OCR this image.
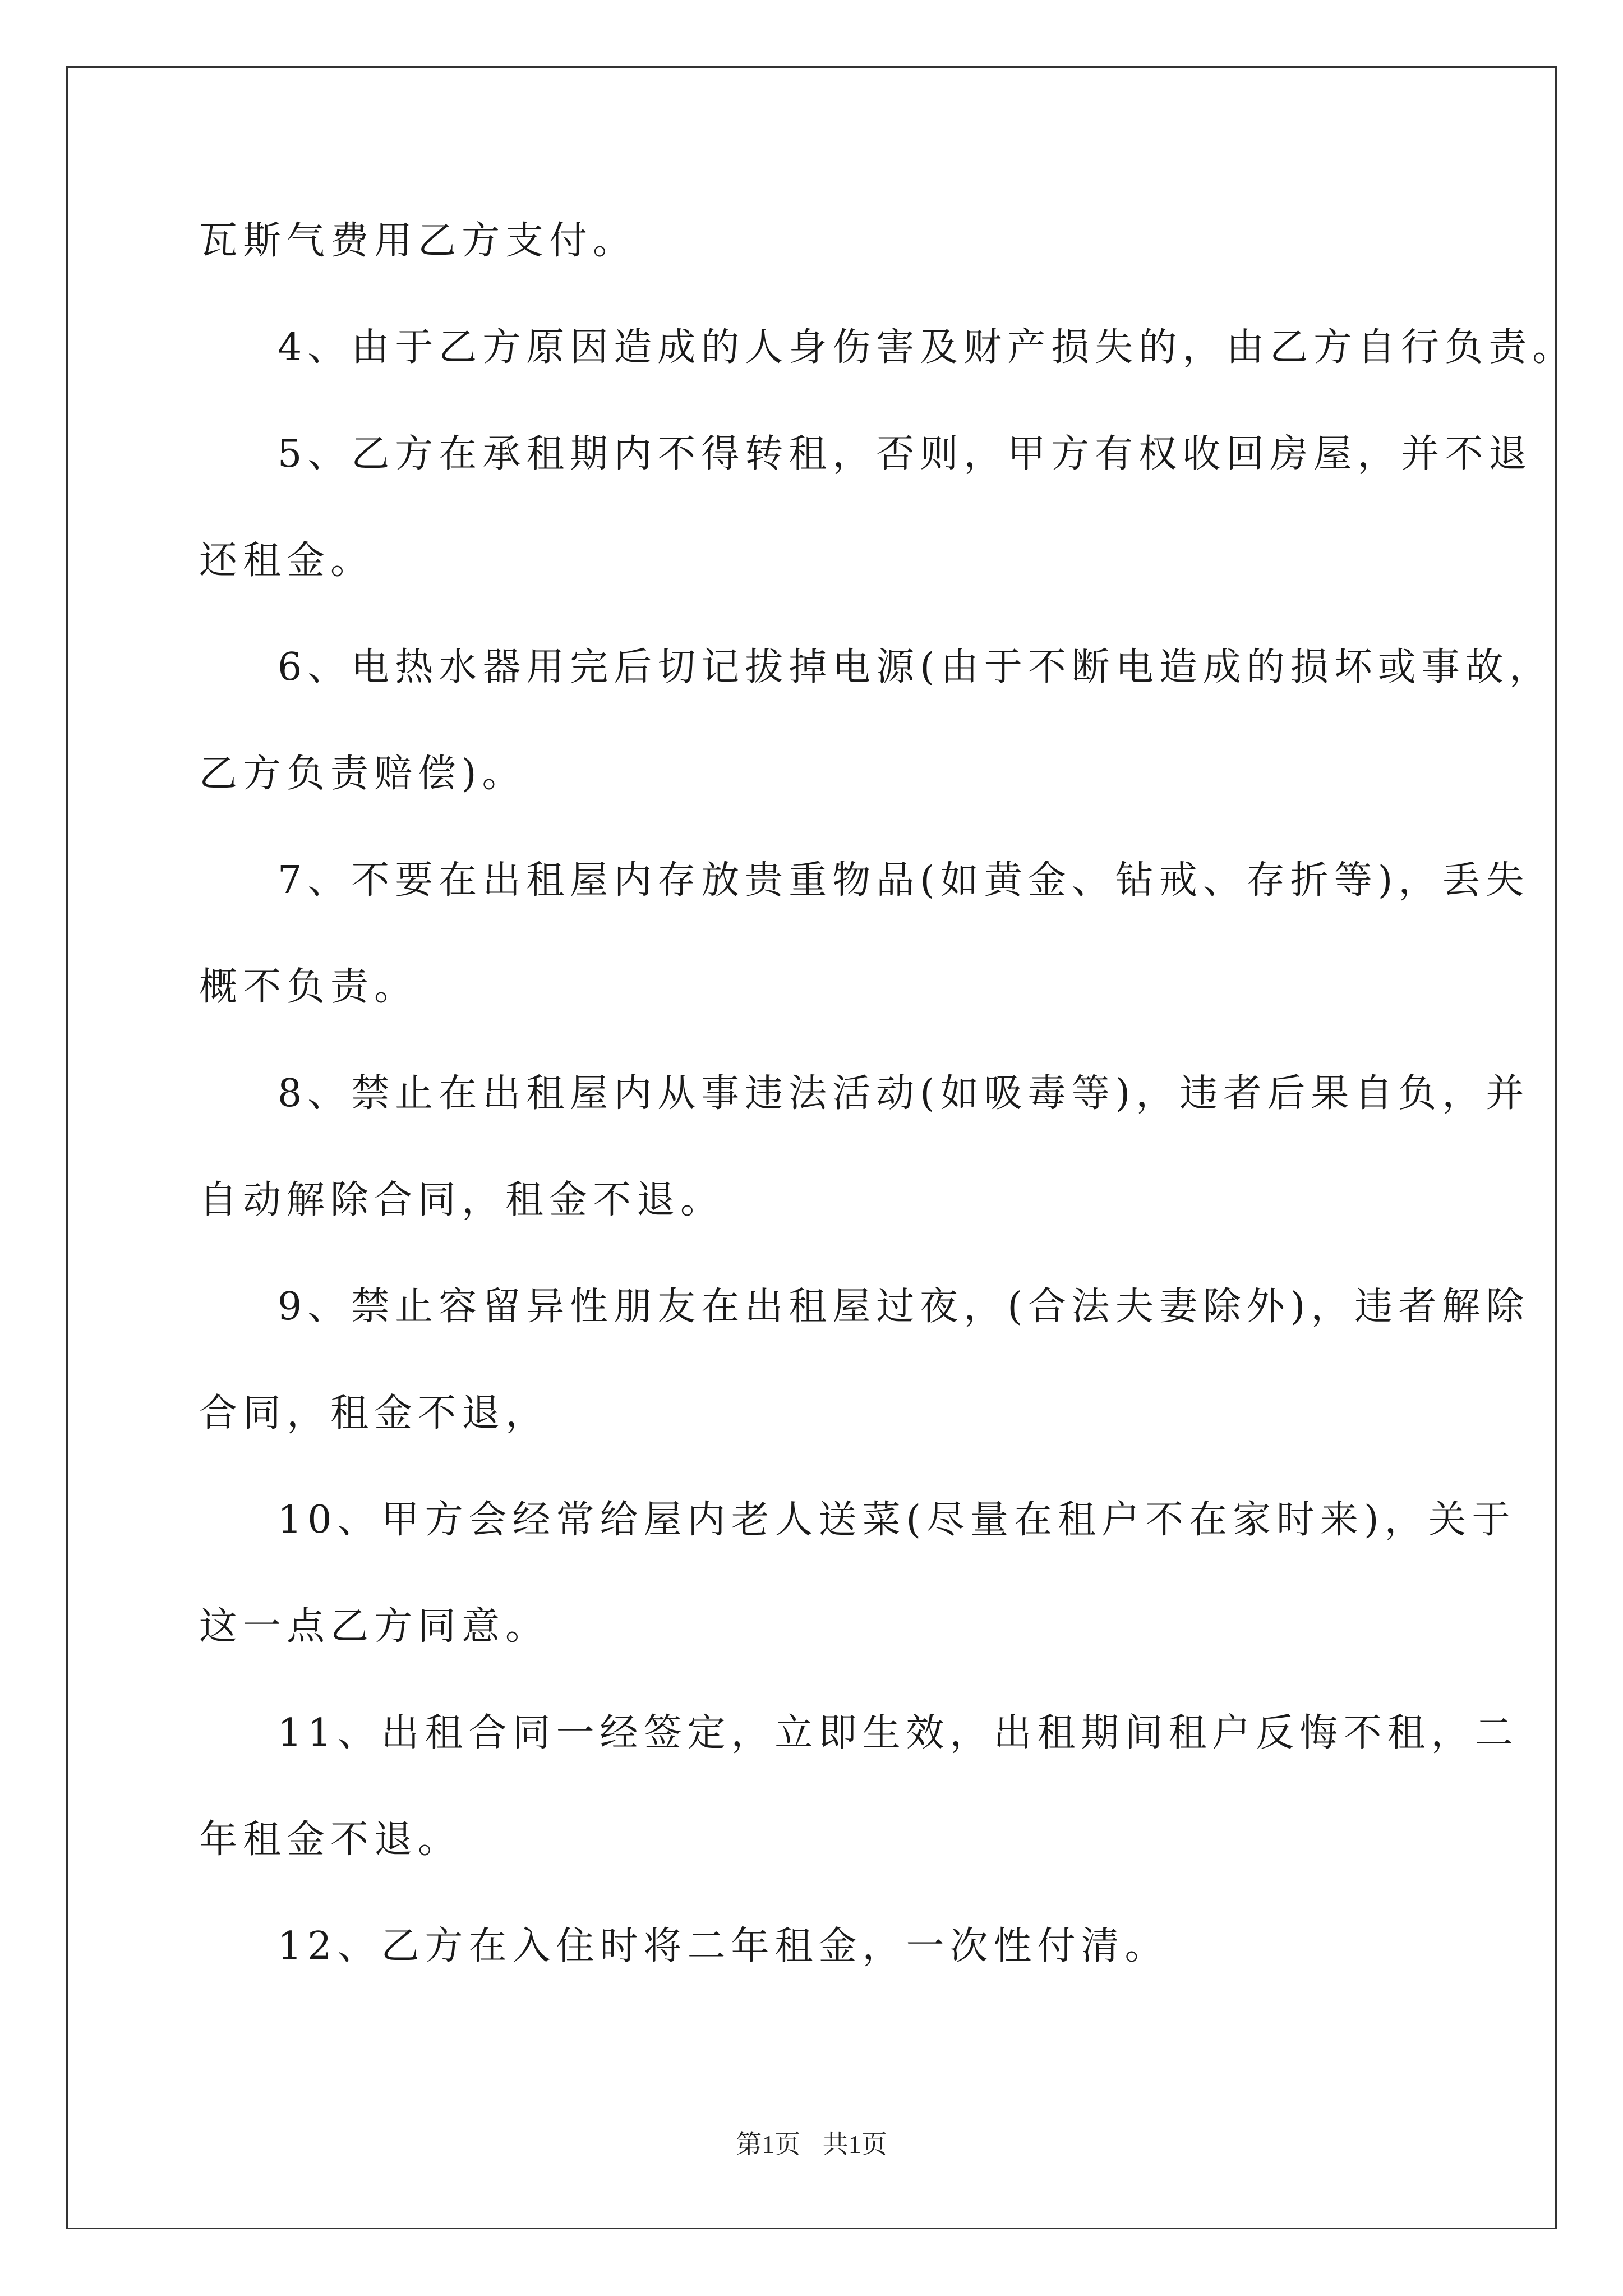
瓦斯气费用乙方支付。
4、由于乙方原因造成的人身伤害及财产损失的，由乙方自行负责。
5、乙方在承租期内不得转租，否则，甲方有权收回房屋，并不退
还租金。
6、电热水器用完后切记拔掉电源(由于不断电造成的损坏或事故，
乙方负责赔偿)。
7、不要在出租屋内存放贵重物品(如黄金、钻戒、存折等)，丢失
概不负责。
8、禁止在出租屋内从事违法活动(如吸毒等)，违者后果自负，并
自动解除合同，租金不退。
9、禁止容留异性朋友在出租屋过夜，(合法夫妻除外)，违者解除
合同，租金不退，
10、甲方会经常给屋内老人送菜(尽量在租户不在家时来)，关于
这一点乙方同意。
11、出租合同一经签定，立即生效，出租期间租户反悔不租，二
年租金不退。
12、乙方在入住时将二年租金，一次性付清。
第1页 共1页
